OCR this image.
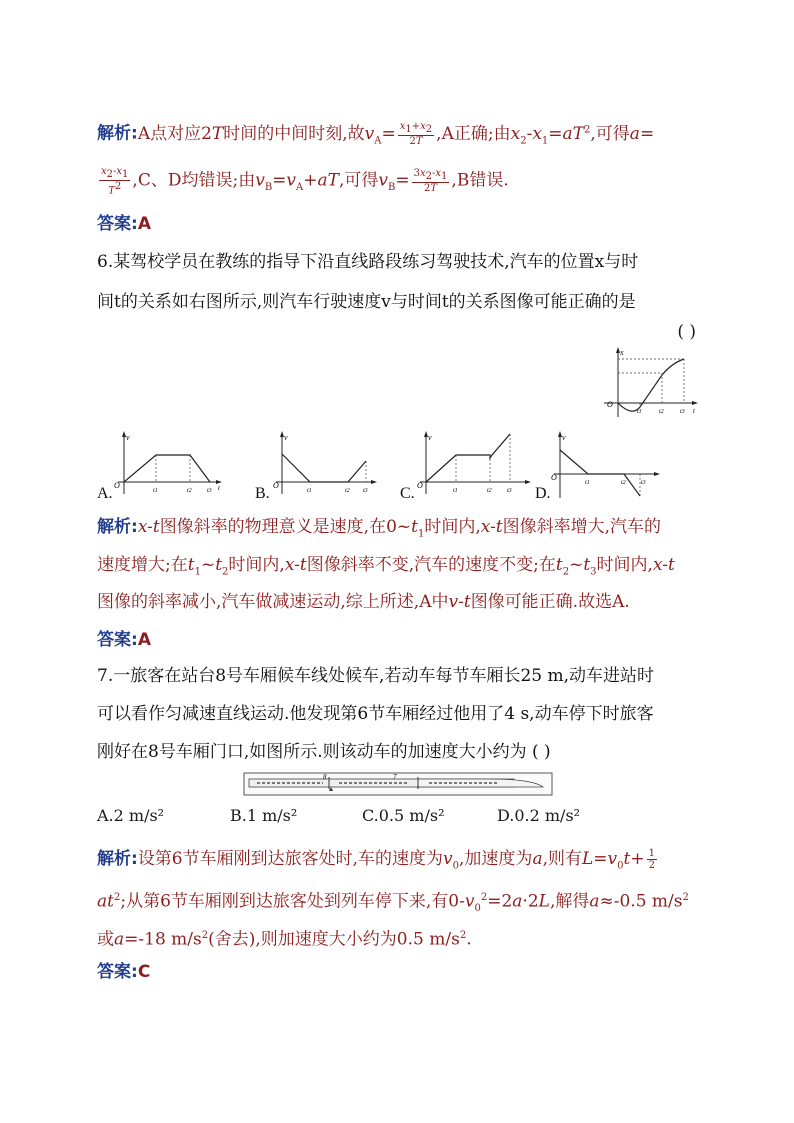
解析:A点对应2T时间的中间时刻,故$v_A= \frac{x_1+x_2}{2T} ,A$正确;由$x_2-x_1=aT^2$,可得a=
$\frac{x_2-x_1}{T^2} ,C$、D均错误;由$v_B=v_A+aT$,可得$v_B= \frac{3x_2-x_1}{2T} ,B$错误.
答案:A
6.某驾校学员在教练的指导下沿直线路段练习驾驶技术,汽车的位置x与时
间t的关系如右图所示,则汽车行驶速度v与时间t的关系图像可能正确的是
( )
x
O
t1	t2	t3 t
A.
v
O
t1	t2	t3 t B.
v
O
t1	t2 t3 C.
v
O
t1	t2	t3 D.
v
O
t1	t2	t3
解析:x-t图像斜率的物理意义是速度,在$0\sim t_1$时间内,x-t图像斜率增大,汽车的
速度增大;在$t_1\sim t_2$时间内,x-t图像斜率不变,汽车的速度不变;在$t_2\sim t_3$时间内,x-t
图像的斜率减小,汽车做减速运动,综上所述,A中v-t图像可能正确.故选A.
答案:A
7.一旅客在站台8号车厢候车线处候车,若动车每节车厢长25 m,动车进站时
可以看作匀减速直线运动.他发现第6节车厢经过他用了4 s,动车停下时旅客
刚好在8号车厢门口,如图所示.则该动车的加速度大小约为 ( )
8	7
A.2 m/s²	B.1 m/s²	C.0.5 m/s²	D.0.2 m/s²
解析:设第6节车厢刚到达旅客处时,车的速度为$v_0$,加速度为a,则有$L=v_0t+ \frac{1}{2}$
$at^2$;从第6节车厢刚到达旅客处到列车停下来,有$0-v_0^2=2a\cdot 2L$,解得a≈-0.5 $m/s^2$
或a=-18 $m/s^2$(舍去),则加速度大小约为0.5 $m/s^2$.
答案:C
